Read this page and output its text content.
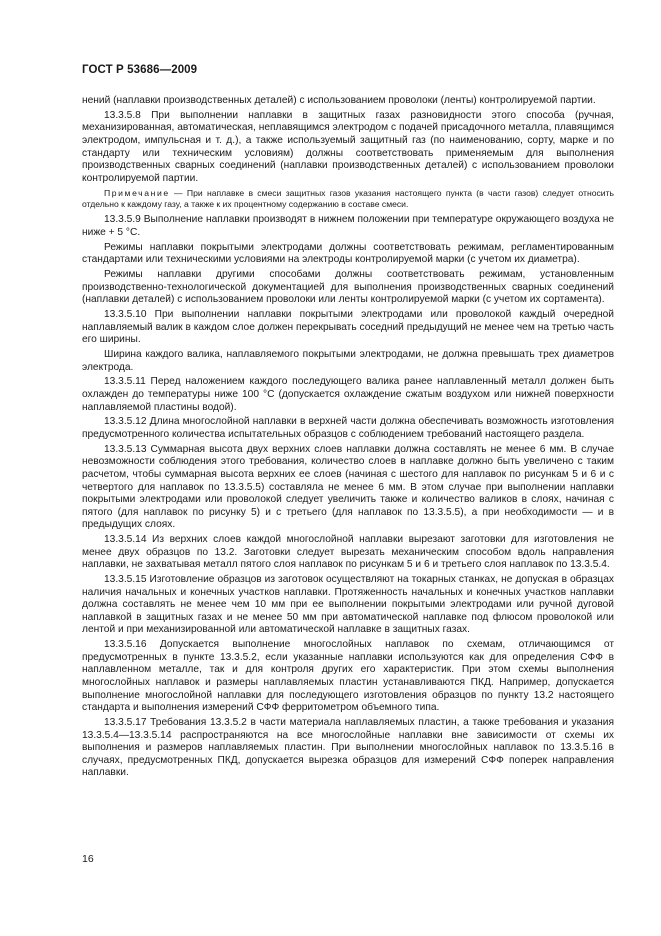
ГОСТ Р 53686—2009

нений (наплавки производственных деталей) с использованием проволоки (ленты) контролируемой партии.

13.3.5.8 При выполнении наплавки в защитных газах разновидности этого способа (ручная, механизированная, автоматическая, неплавящимся электродом с подачей присадочного металла, плавящимся электродом, импульсная и т. д.), а также используемый защитный газ (по наименованию, сорту, марке и по стандарту или техническим условиям) должны соответствовать применяемым для выполнения производственных сварных соединений (наплавки производственных деталей) с использованием проволоки контролируемой партии.

Примечание — При наплавке в смеси защитных газов указания настоящего пункта (в части газов) следует относить отдельно к каждому газу, а также к их процентному содержанию в составе смеси.

13.3.5.9 Выполнение наплавки производят в нижнем положении при температуре окружающего воздуха не ниже + 5 °С.

Режимы наплавки покрытыми электродами должны соответствовать режимам, регламентированным стандартами или техническими условиями на электроды контролируемой марки (с учетом их диаметра).

Режимы наплавки другими способами должны соответствовать режимам, установленным производственно-технологической документацией для выполнения производственных сварных соединений (наплавки деталей) с использованием проволоки или ленты контролируемой марки (с учетом их сортамента).

13.3.5.10 При выполнении наплавки покрытыми электродами или проволокой каждый очередной наплавляемый валик в каждом слое должен перекрывать соседний предыдущий не менее чем на третью часть его ширины.

Ширина каждого валика, наплавляемого покрытыми электродами, не должна превышать трех диаметров электрода.

13.3.5.11 Перед наложением каждого последующего валика ранее наплавленный металл должен быть охлажден до температуры ниже 100 °С (допускается охлаждение сжатым воздухом или нижней поверхности наплавляемой пластины водой).

13.3.5.12 Длина многослойной наплавки в верхней части должна обеспечивать возможность изготовления предусмотренного количества испытательных образцов с соблюдением требований настоящего раздела.

13.3.5.13 Суммарная высота двух верхних слоев наплавки должна составлять не менее 6 мм. В случае невозможности соблюдения этого требования, количество слоев в наплавке должно быть увеличено с таким расчетом, чтобы суммарная высота верхних ее слоев (начиная с шестого для наплавок по рисункам 5 и 6 и с четвертого для наплавок по 13.3.5.5) составляла не менее 6 мм. В этом случае при выполнении наплавки покрытыми электродами или проволокой следует увеличить также и количество валиков в слоях, начиная с пятого (для наплавок по рисунку 5) и с третьего (для наплавок по 13.3.5.5), а при необходимости — и в предыдущих слоях.

13.3.5.14 Из верхних слоев каждой многослойной наплавки вырезают заготовки для изготовления не менее двух образцов по 13.2. Заготовки следует вырезать механическим способом вдоль направления наплавки, не захватывая металл пятого слоя наплавок по рисункам 5 и 6 и третьего слоя наплавок по 13.3.5.4.

13.3.5.15 Изготовление образцов из заготовок осуществляют на токарных станках, не допуская в образцах наличия начальных и конечных участков наплавки. Протяженность начальных и конечных участков наплавки должна составлять не менее чем 10 мм при ее выполнении покрытыми электродами или ручной дуговой наплавкой в защитных газах и не менее 50 мм при автоматической наплавке под флюсом проволокой или лентой и при механизированной или автоматической наплавке в защитных газах.

13.3.5.16 Допускается выполнение многослойных наплавок по схемам, отличающимся от предусмотренных в пункте 13.3.5.2, если указанные наплавки используются как для определения СФФ в наплавленном металле, так и для контроля других его характеристик. При этом схемы выполнения многослойных наплавок и размеры наплавляемых пластин устанавливаются ПКД. Например, допускается выполнение многослойной наплавки для последующего изготовления образцов по пункту 13.2 настоящего стандарта и выполнения измерений СФФ ферритометром объемного типа.

13.3.5.17 Требования 13.3.5.2 в части материала наплавляемых пластин, а также требования и указания 13.3.5.4—13.3.5.14 распространяются на все многослойные наплавки вне зависимости от схемы их выполнения и размеров наплавляемых пластин. При выполнении многослойных наплавок по 13.3.5.16 в случаях, предусмотренных ПКД, допускается вырезка образцов для измерений СФФ поперек направления наплавки.

16
